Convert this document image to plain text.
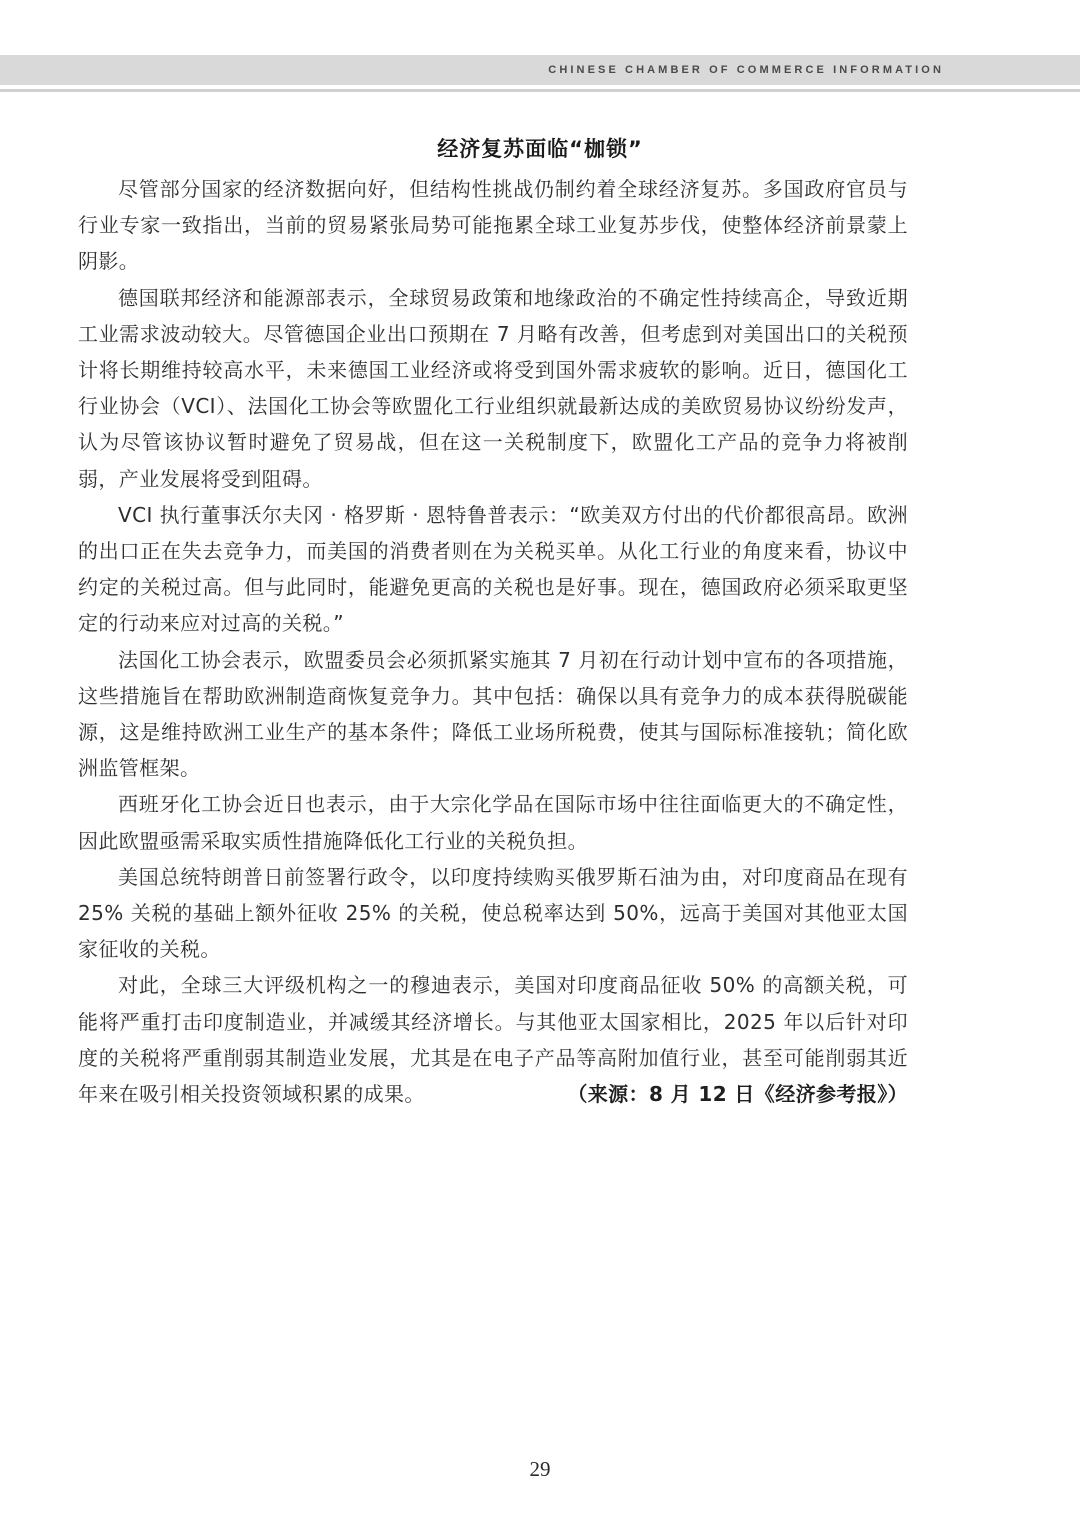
CHINESE CHAMBER OF COMMERCE INFORMATION
经济复苏面临“枷锁”

尽管部分国家的经济数据向好，但结构性挑战仍制约着全球经济复苏。多国政府官员与行业专家一致指出，当前的贸易紧张局势可能拖累全球工业复苏步伐，使整体经济前景蒙上阴影。

德国联邦经济和能源部表示，全球贸易政策和地缘政治的不确定性持续高企，导致近期工业需求波动较大。尽管德国企业出口预期在 7 月略有改善，但考虑到对美国出口的关税预计将长期维持较高水平，未来德国工业经济或将受到国外需求疲软的影响。近日，德国化工行业协会（VCI）、法国化工协会等欧盟化工行业组织就最新达成的美欧贸易协议纷纷发声，认为尽管该协议暂时避免了贸易战，但在这一关税制度下，欧盟化工产品的竞争力将被削弱，产业发展将受到阻碍。

VCI 执行董事沃尔夫冈 · 格罗斯 · 恩特鲁普表示：“欧美双方付出的代价都很高昂。欧洲的出口正在失去竞争力，而美国的消费者则在为关税买单。从化工行业的角度来看，协议中约定的关税过高。但与此同时，能避免更高的关税也是好事。现在，德国政府必须采取更坚定的行动来应对过高的关税。”

法国化工协会表示，欧盟委员会必须抓紧实施其 7 月初在行动计划中宣布的各项措施，这些措施旨在帮助欧洲制造商恢复竞争力。其中包括：确保以具有竞争力的成本获得脱碳能源，这是维持欧洲工业生产的基本条件；降低工业场所税费，使其与国际标准接轨；简化欧洲监管框架。

西班牙化工协会近日也表示，由于大宗化学品在国际市场中往往面临更大的不确定性，因此欧盟亟需采取实质性措施降低化工行业的关税负担。

美国总统特朗普日前签署行政令，以印度持续购买俄罗斯石油为由，对印度商品在现有 25% 关税的基础上额外征收 25% 的关税，使总税率达到 50%，远高于美国对其他亚太国家征收的关税。

对此，全球三大评级机构之一的穆迪表示，美国对印度商品征收 50% 的高额关税，可能将严重打击印度制造业，并减缓其经济增长。与其他亚太国家相比，2025 年以后针对印度的关税将严重削弱其制造业发展，尤其是在电子产品等高附加值行业，甚至可能削弱其近年来在吸引相关投资领域积累的成果。	（来源：8 月 12 日《经济参考报》）

29
